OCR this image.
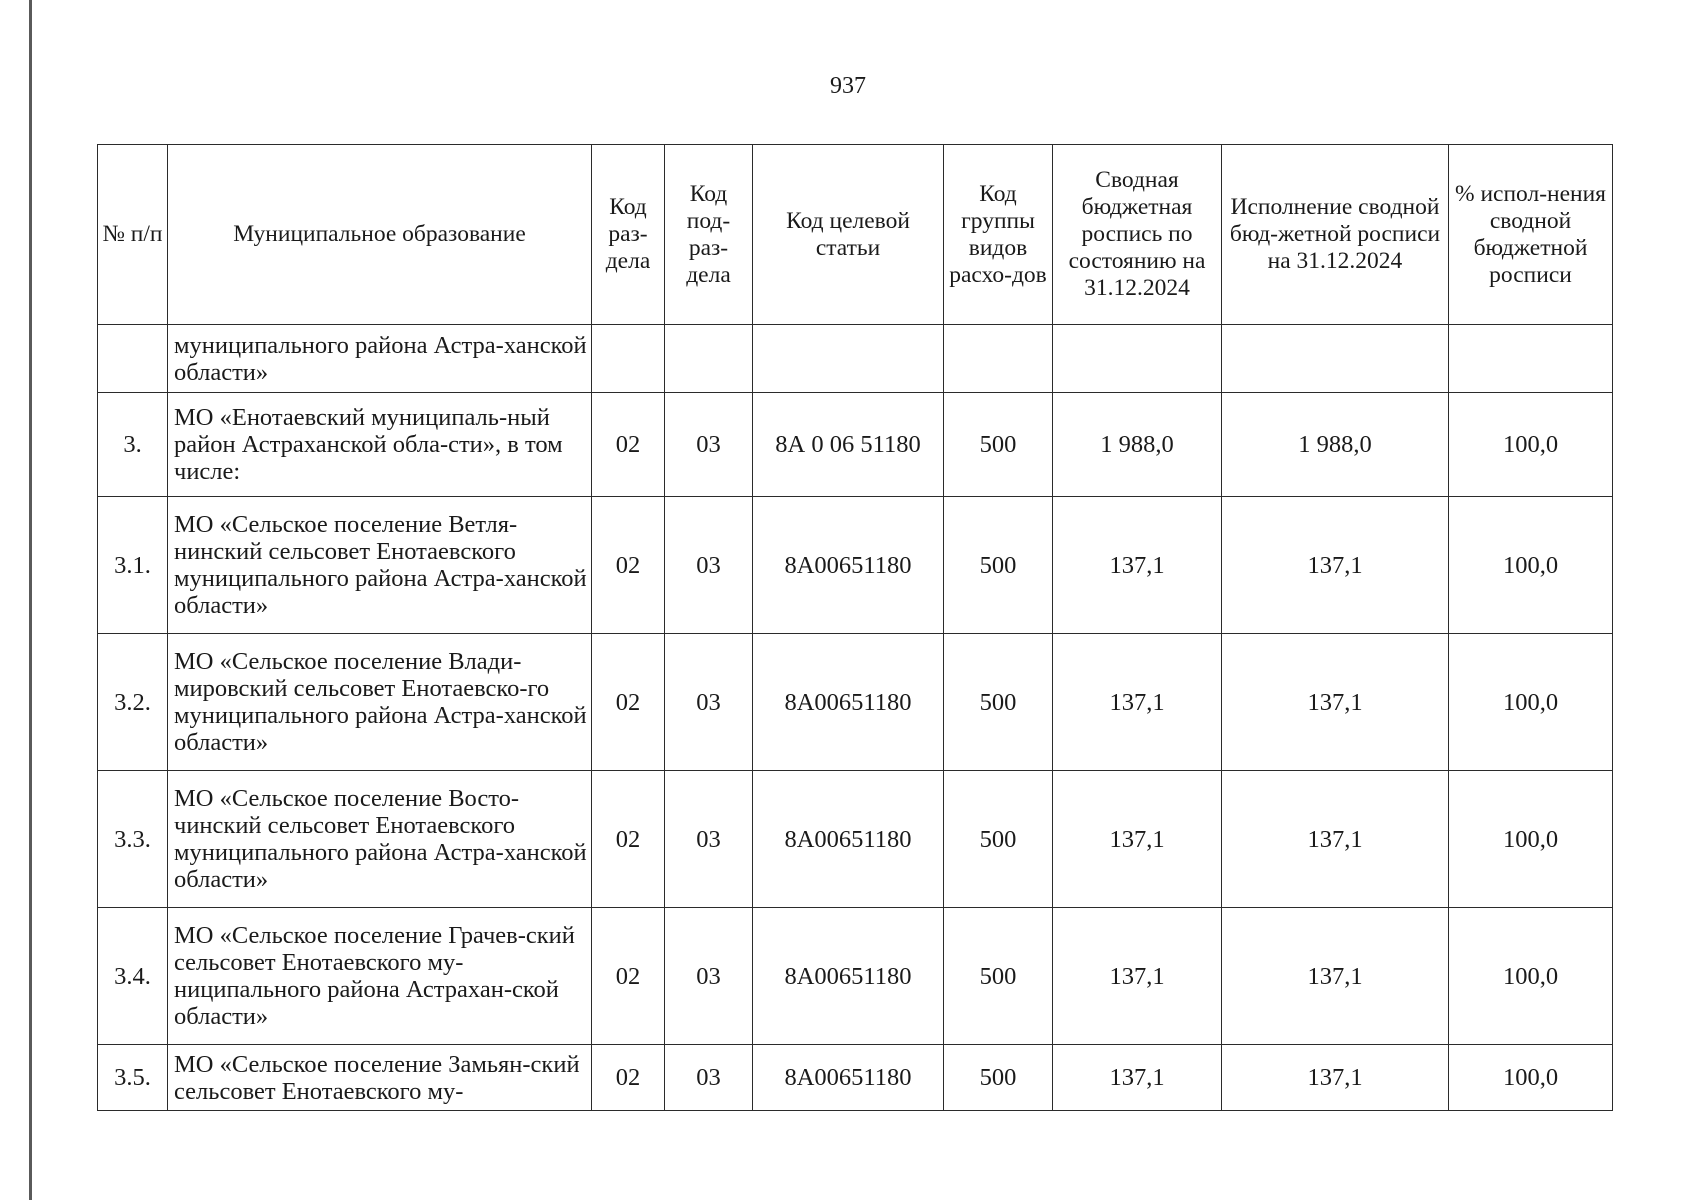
937
№ п/п	Муниципальное образование	Код раз-дела	Код под-раз-дела	Код целевой статьи	Код группы видов расхо-дов	Сводная бюджетная роспись по состоянию на 31.12.2024	Исполнение сводной бюд-жетной росписи на 31.12.2024	% испол-нения сводной бюджетной росписи
	муниципального района Астра-ханской области»							
3.	МО «Енотаевский муниципаль-ный район Астраханской обла-сти», в том числе:	02	03	8А 0 06 51180	500	1 988,0	1 988,0	100,0
3.1.	МО «Сельское поселение Ветля-нинский сельсовет Енотаевского муниципального района Астра-ханской области»	02	03	8А00651180	500	137,1	137,1	100,0
3.2.	МО «Сельское поселение Влади-мировский сельсовет Енотаевско-го муниципального района Астра-ханской области»	02	03	8А00651180	500	137,1	137,1	100,0
3.3.	МО «Сельское поселение Восто-чинский сельсовет Енотаевского муниципального района Астра-ханской области»	02	03	8А00651180	500	137,1	137,1	100,0
3.4.	МО «Сельское поселение Грачев-ский сельсовет Енотаевского му-ниципального района Астрахан-ской области»	02	03	8А00651180	500	137,1	137,1	100,0
3.5.	МО «Сельское поселение Замьян-ский сельсовет Енотаевского му-	02	03	8А00651180	500	137,1	137,1	100,0
